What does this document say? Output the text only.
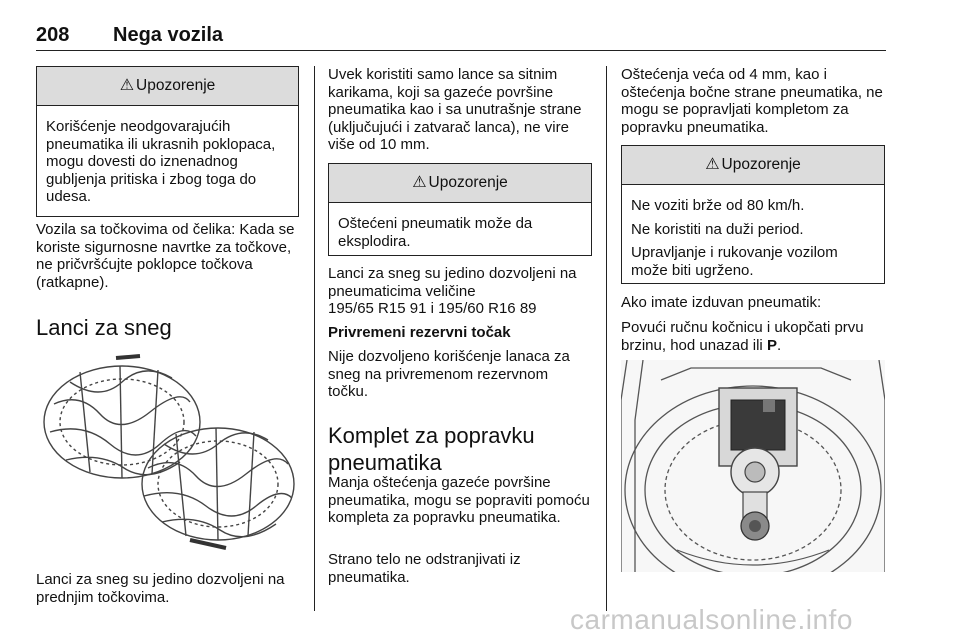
208 Nega vozila
⚠ Upozorenje

Korišćenje neodgovarajućih pneumatika ili ukrasnih poklopaca, mogu dovesti do iznenadnog gubljenja pritiska i zbog toga do udesa.

Vozila sa točkovima od čelika: Kada se koriste sigurnosne navrtke za točkove, ne pričvršćujte poklopce točkova (ratkapne).

Lanci za sneg

Lanci za sneg su jedino dozvoljeni na prednjim točkovima.

Uvek koristiti samo lance sa sitnim karikama, koji sa gazeće površine pneumatika kao i sa unutrašnje strane (uključujući i zatvarač lanca), ne vire više od 10 mm.

⚠ Upozorenje

Oštećeni pneumatik može da eksplodira.

Lanci za sneg su jedino dozvoljeni na pneumaticima veličine
195/65 R15 91 i 195/60 R16 89

Privremeni rezervni točak

Nije dozvoljeno korišćenje lanaca za sneg na privremenom rezervnom točku.

Komplet za popravku pneumatika

Manja oštećenja gazeće površine pneumatika, mogu se popraviti pomoću kompleta za popravku pneumatika.

Strano telo ne odstranjivati iz pneumatika.

Oštećenja veća od 4 mm, kao i oštećenja bočne strane pneumatika, ne mogu se popravljati kompletom za popravku pneumatika.

⚠ Upozorenje

Ne voziti brže od 80 km/h.

Ne koristiti na duži period.

Upravljanje i rukovanje vozilom može biti ugrženo.

Ako imate izduvan pneumatik:

Povući ručnu kočnicu i ukopčati prvu brzinu, hod unazad ili P.

carmanualsonline.info
